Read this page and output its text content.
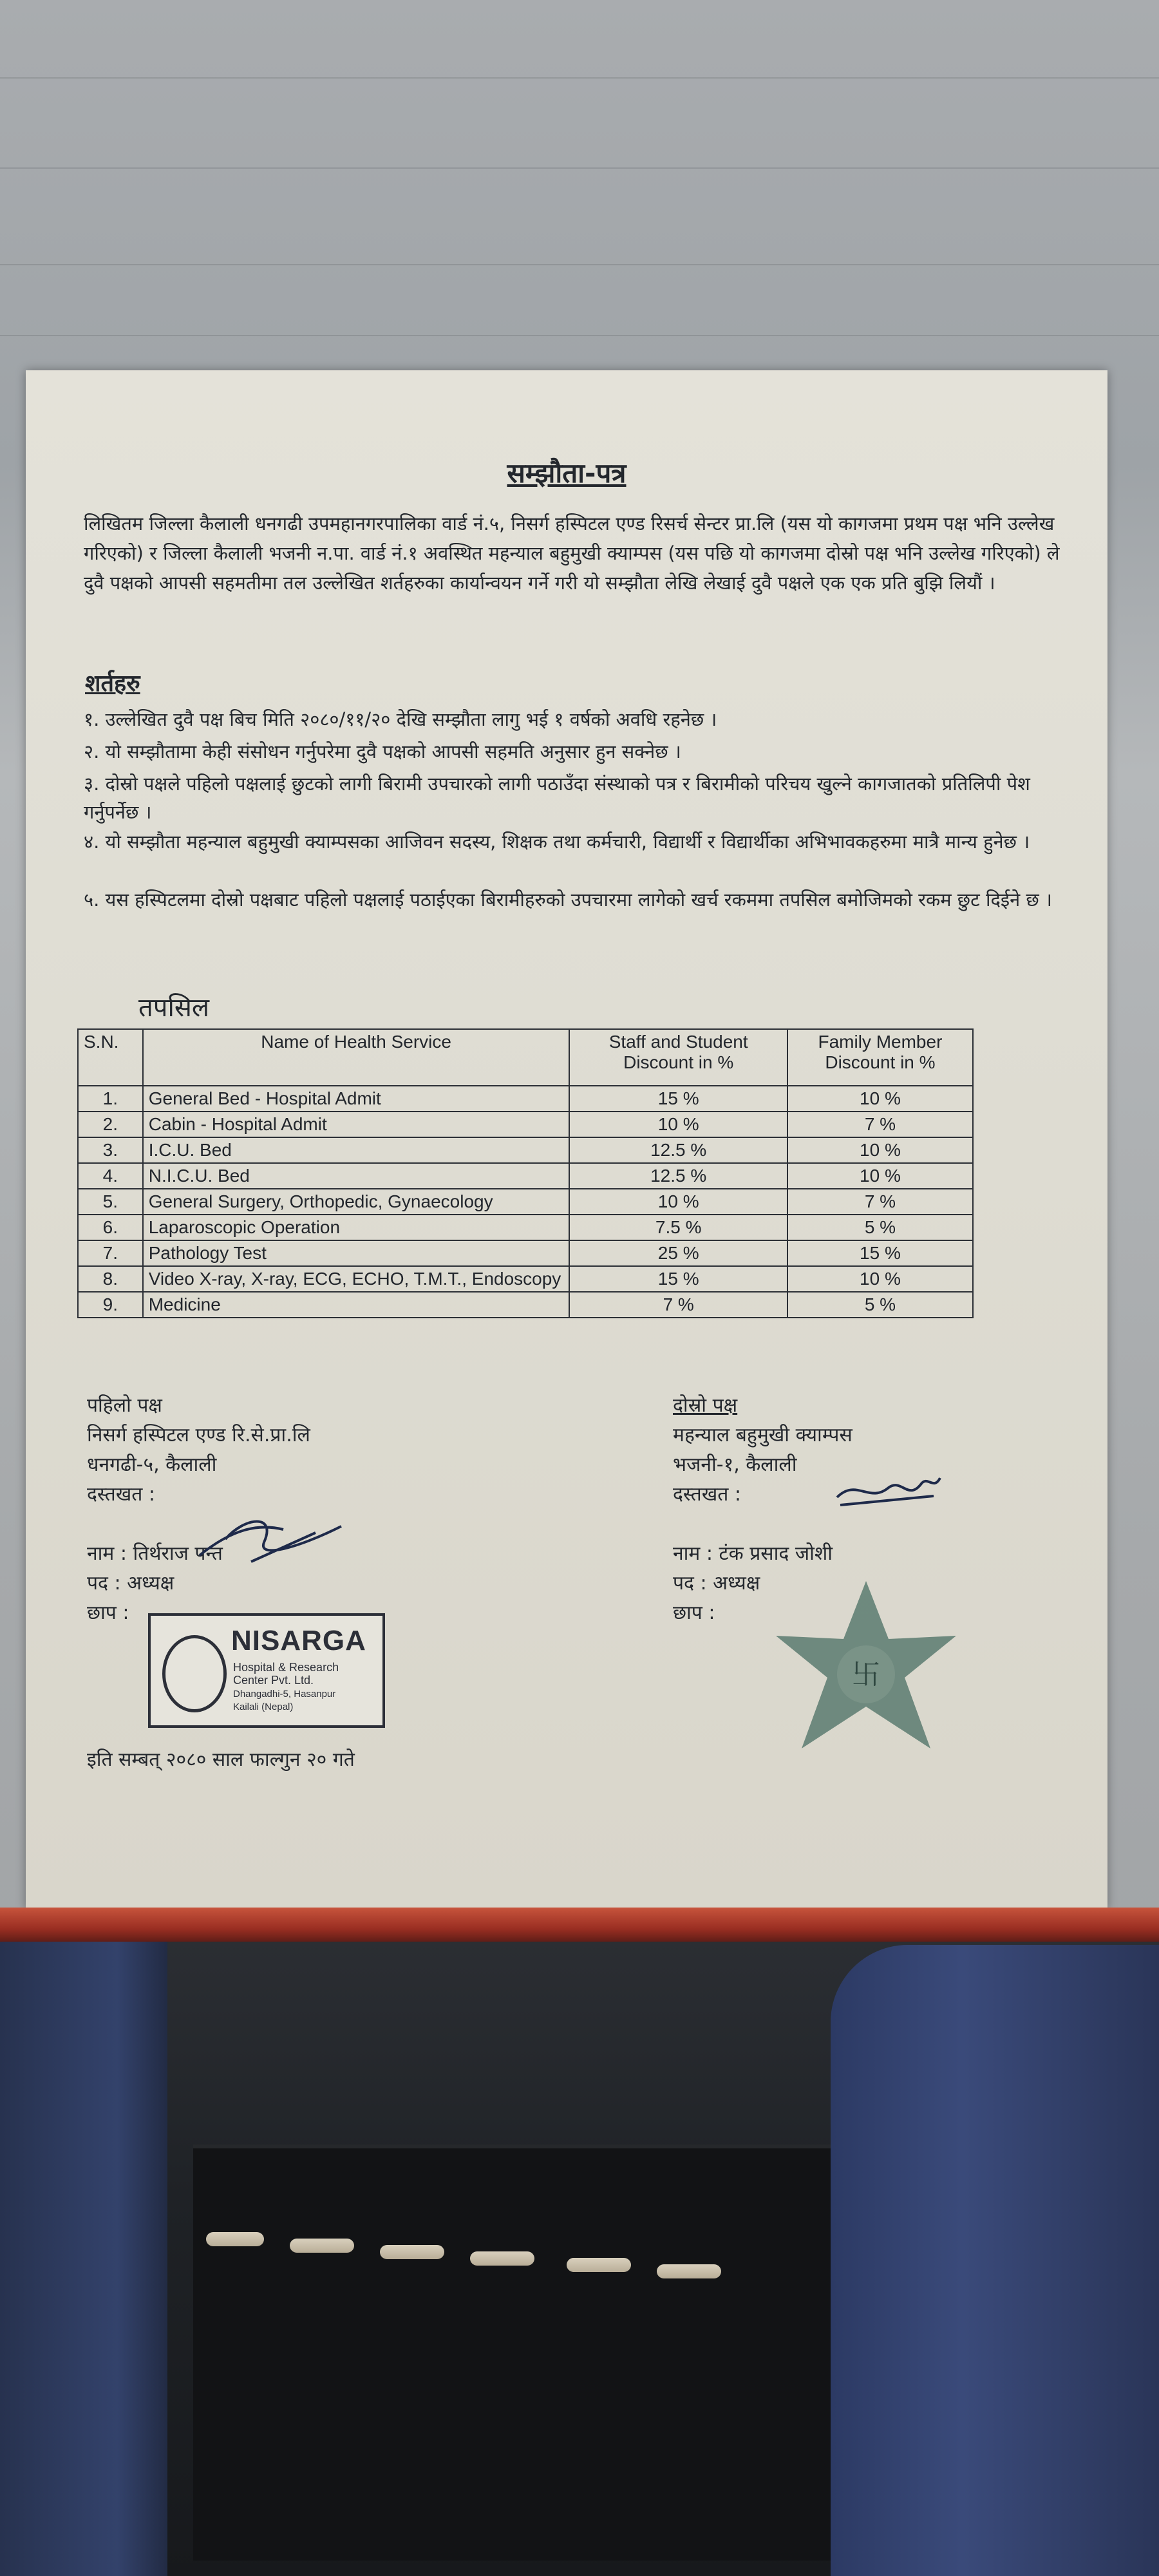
सम्झौता-पत्र
लिखितम जिल्ला कैलाली धनगढी उपमहानगरपालिका वार्ड नं.५, निसर्ग हस्पिटल एण्ड रिसर्च सेन्टर प्रा.लि (यस यो कागजमा प्रथम पक्ष भनि उल्लेख गरिएको) र जिल्ला कैलाली भजनी न.पा. वार्ड नं.१ अवस्थित महन्याल बहुमुखी क्याम्पस (यस पछि यो कागजमा दोस्रो पक्ष भनि उल्लेख गरिएको) ले दुवै पक्षको आपसी सहमतीमा तल उल्लेखित शर्तहरुका कार्यान्वयन गर्ने गरी यो सम्झौता लेखि लेखाई दुवै पक्षले एक एक प्रति बुझि लियौं ।
शर्तहरु
१. उल्लेखित दुवै पक्ष बिच मिति २०८०/११/२० देखि सम्झौता लागु भई १ वर्षको अवधि रहनेछ ।
२. यो सम्झौतामा केही संसोधन गर्नुपरेमा दुवै पक्षको आपसी सहमति अनुसार हुन सक्नेछ ।
३. दोस्रो पक्षले पहिलो पक्षलाई छुटको लागी बिरामी उपचारको लागी पठाउँदा संस्थाको पत्र र बिरामीको परिचय खुल्ने कागजातको प्रतिलिपी पेश गर्नुपर्नेछ ।
४. यो सम्झौता महन्याल बहुमुखी क्याम्पसका आजिवन सदस्य, शिक्षक तथा कर्मचारी, विद्यार्थी र विद्यार्थीका अभिभावकहरुमा मात्रै मान्य हुनेछ ।
५. यस हस्पिटलमा दोस्रो पक्षबाट पहिलो पक्षलाई पठाईएका बिरामीहरुको उपचारमा लागेको खर्च रकममा तपसिल बमोजिमको रकम छुट दिईने छ ।
तपसिल
S.N.	Name of Health Service	Staff and Student Discount in %	Family Member Discount in %
1.	General Bed - Hospital Admit	15 %	10 %
2.	Cabin - Hospital Admit	10 %	7 %
3.	I.C.U. Bed	12.5 %	10 %
4.	N.I.C.U. Bed	12.5 %	10 %
5.	General Surgery, Orthopedic, Gynaecology	10 %	7 %
6.	Laparoscopic Operation	7.5 %	5 %
7.	Pathology Test	25 %	15 %
8.	Video X-ray, X-ray, ECG, ECHO, T.M.T., Endoscopy	15 %	10 %
9.	Medicine	7 %	5 %
पहिलो पक्ष
निसर्ग हस्पिटल एण्ड रि.से.प्रा.लि
धनगढी-५, कैलाली
दस्तखत :
नाम : तिर्थराज पन्त
पद : अध्यक्ष
छाप :
NISARGA
Hospital & Research
Center Pvt. Ltd.
Dhangadhi-5, Hasanpur
Kailali (Nepal)
दोस्रो पक्ष
महन्याल बहुमुखी क्याम्पस
भजनी-१, कैलाली
दस्तखत :
नाम : टंक प्रसाद जोशी
पद : अध्यक्ष
छाप :
卐
इति सम्बत् २०८० साल फाल्गुन २० गते
